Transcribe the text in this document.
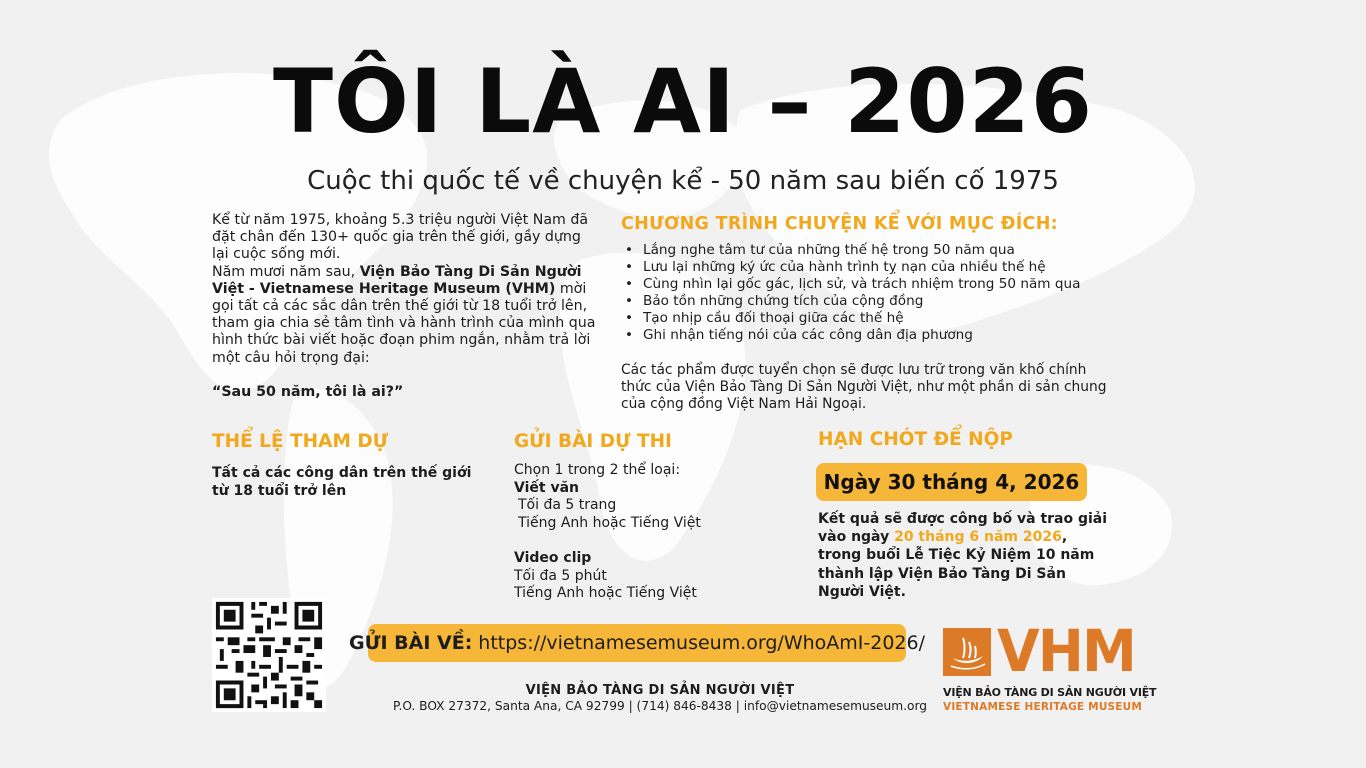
TÔI LÀ AI – 2026
Cuộc thi quốc tế về chuyện kể - 50 năm sau biến cố 1975

Kể từ năm 1975, khoảng 5.3 triệu người Việt Nam đã đặt chân đến 130+ quốc gia trên thế giới, gầy dựng lại cuộc sống mới.

Năm mươi năm sau, Viện Bảo Tàng Di Sản Người Việt - Vietnamese Heritage Museum (VHM) mời gọi tất cả các sắc dân trên thế giới từ 18 tuổi trở lên, tham gia chia sẻ tâm tình và hành trình của mình qua hình thức bài viết hoặc đoạn phim ngắn, nhằm trả lời một câu hỏi trọng đại:

“Sau 50 năm, tôi là ai?”

CHƯƠNG TRÌNH CHUYỆN KỂ VỚI MỤC ĐÍCH:
• Lắng nghe tâm tư của những thế hệ trong 50 năm qua
• Lưu lại những ký ức của hành trình tỵ nạn của nhiều thế hệ
• Cùng nhìn lại gốc gác, lịch sử, và trách nhiệm trong 50 năm qua
• Bảo tồn những chứng tích của cộng đồng
• Tạo nhịp cầu đối thoại giữa các thế hệ
• Ghi nhận tiếng nói của các công dân địa phương
Các tác phẩm được tuyển chọn sẽ được lưu trữ trong văn khố chính thức của Viện Bảo Tàng Di Sản Người Việt, như một phần di sản chung của cộng đồng Việt Nam Hải Ngoại.
THỂ LỆ THAM DỰ
Tất cả các công dân trên thế giới từ 18 tuổi trở lên
GỬI BÀI DỰ THI
Chọn 1 trong 2 thể loại:
Viết văn
Tối đa 5 trang
Tiếng Anh hoặc Tiếng Việt
Video clip
Tối đa 5 phút
Tiếng Anh hoặc Tiếng Việt
HẠN CHÓT ĐỂ NỘP
Ngày 30 tháng 4, 2026
Kết quả sẽ được công bố và trao giải vào ngày 20 tháng 6 năm 2026, trong buổi Lễ Tiệc Kỷ Niệm 10 năm thành lập Viện Bảo Tàng Di Sản Người Việt.
GỬI BÀI VỀ: https://vietnamesemuseum.org/WhoAmI-2026/
VIỆN BẢO TÀNG DI SẢN NGƯỜI VIỆT
P.O. BOX 27372, Santa Ana, CA 92799 | (714) 846-8438 | info@vietnamesemuseum.org
VHM
VIỆN BẢO TÀNG DI SẢN NGƯỜI VIỆT
VIETNAMESE HERITAGE MUSEUM
